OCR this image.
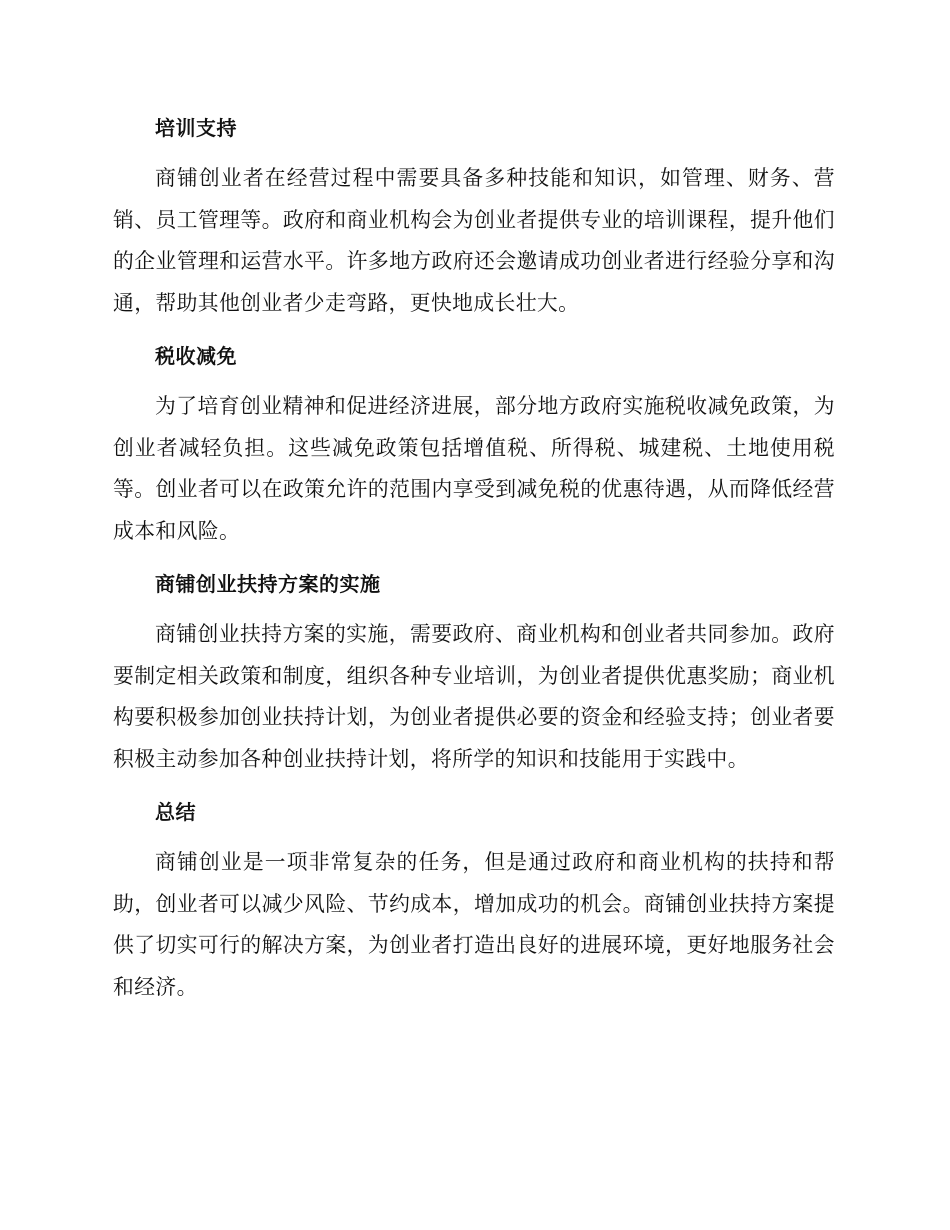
培训支持

商铺创业者在经营过程中需要具备多种技能和知识，如管理、财务、营销、员工管理等。政府和商业机构会为创业者提供专业的培训课程，提升他们的企业管理和运营水平。许多地方政府还会邀请成功创业者进行经验分享和沟通，帮助其他创业者少走弯路，更快地成长壮大。

税收减免

为了培育创业精神和促进经济进展，部分地方政府实施税收减免政策，为创业者减轻负担。这些减免政策包括增值税、所得税、城建税、土地使用税等。创业者可以在政策允许的范围内享受到减免税的优惠待遇，从而降低经营成本和风险。

商铺创业扶持方案的实施

商铺创业扶持方案的实施，需要政府、商业机构和创业者共同参加。政府要制定相关政策和制度，组织各种专业培训，为创业者提供优惠奖励；商业机构要积极参加创业扶持计划，为创业者提供必要的资金和经验支持；创业者要积极主动参加各种创业扶持计划，将所学的知识和技能用于实践中。

总结

商铺创业是一项非常复杂的任务，但是通过政府和商业机构的扶持和帮助，创业者可以减少风险、节约成本，增加成功的机会。商铺创业扶持方案提供了切实可行的解决方案，为创业者打造出良好的进展环境，更好地服务社会和经济。
